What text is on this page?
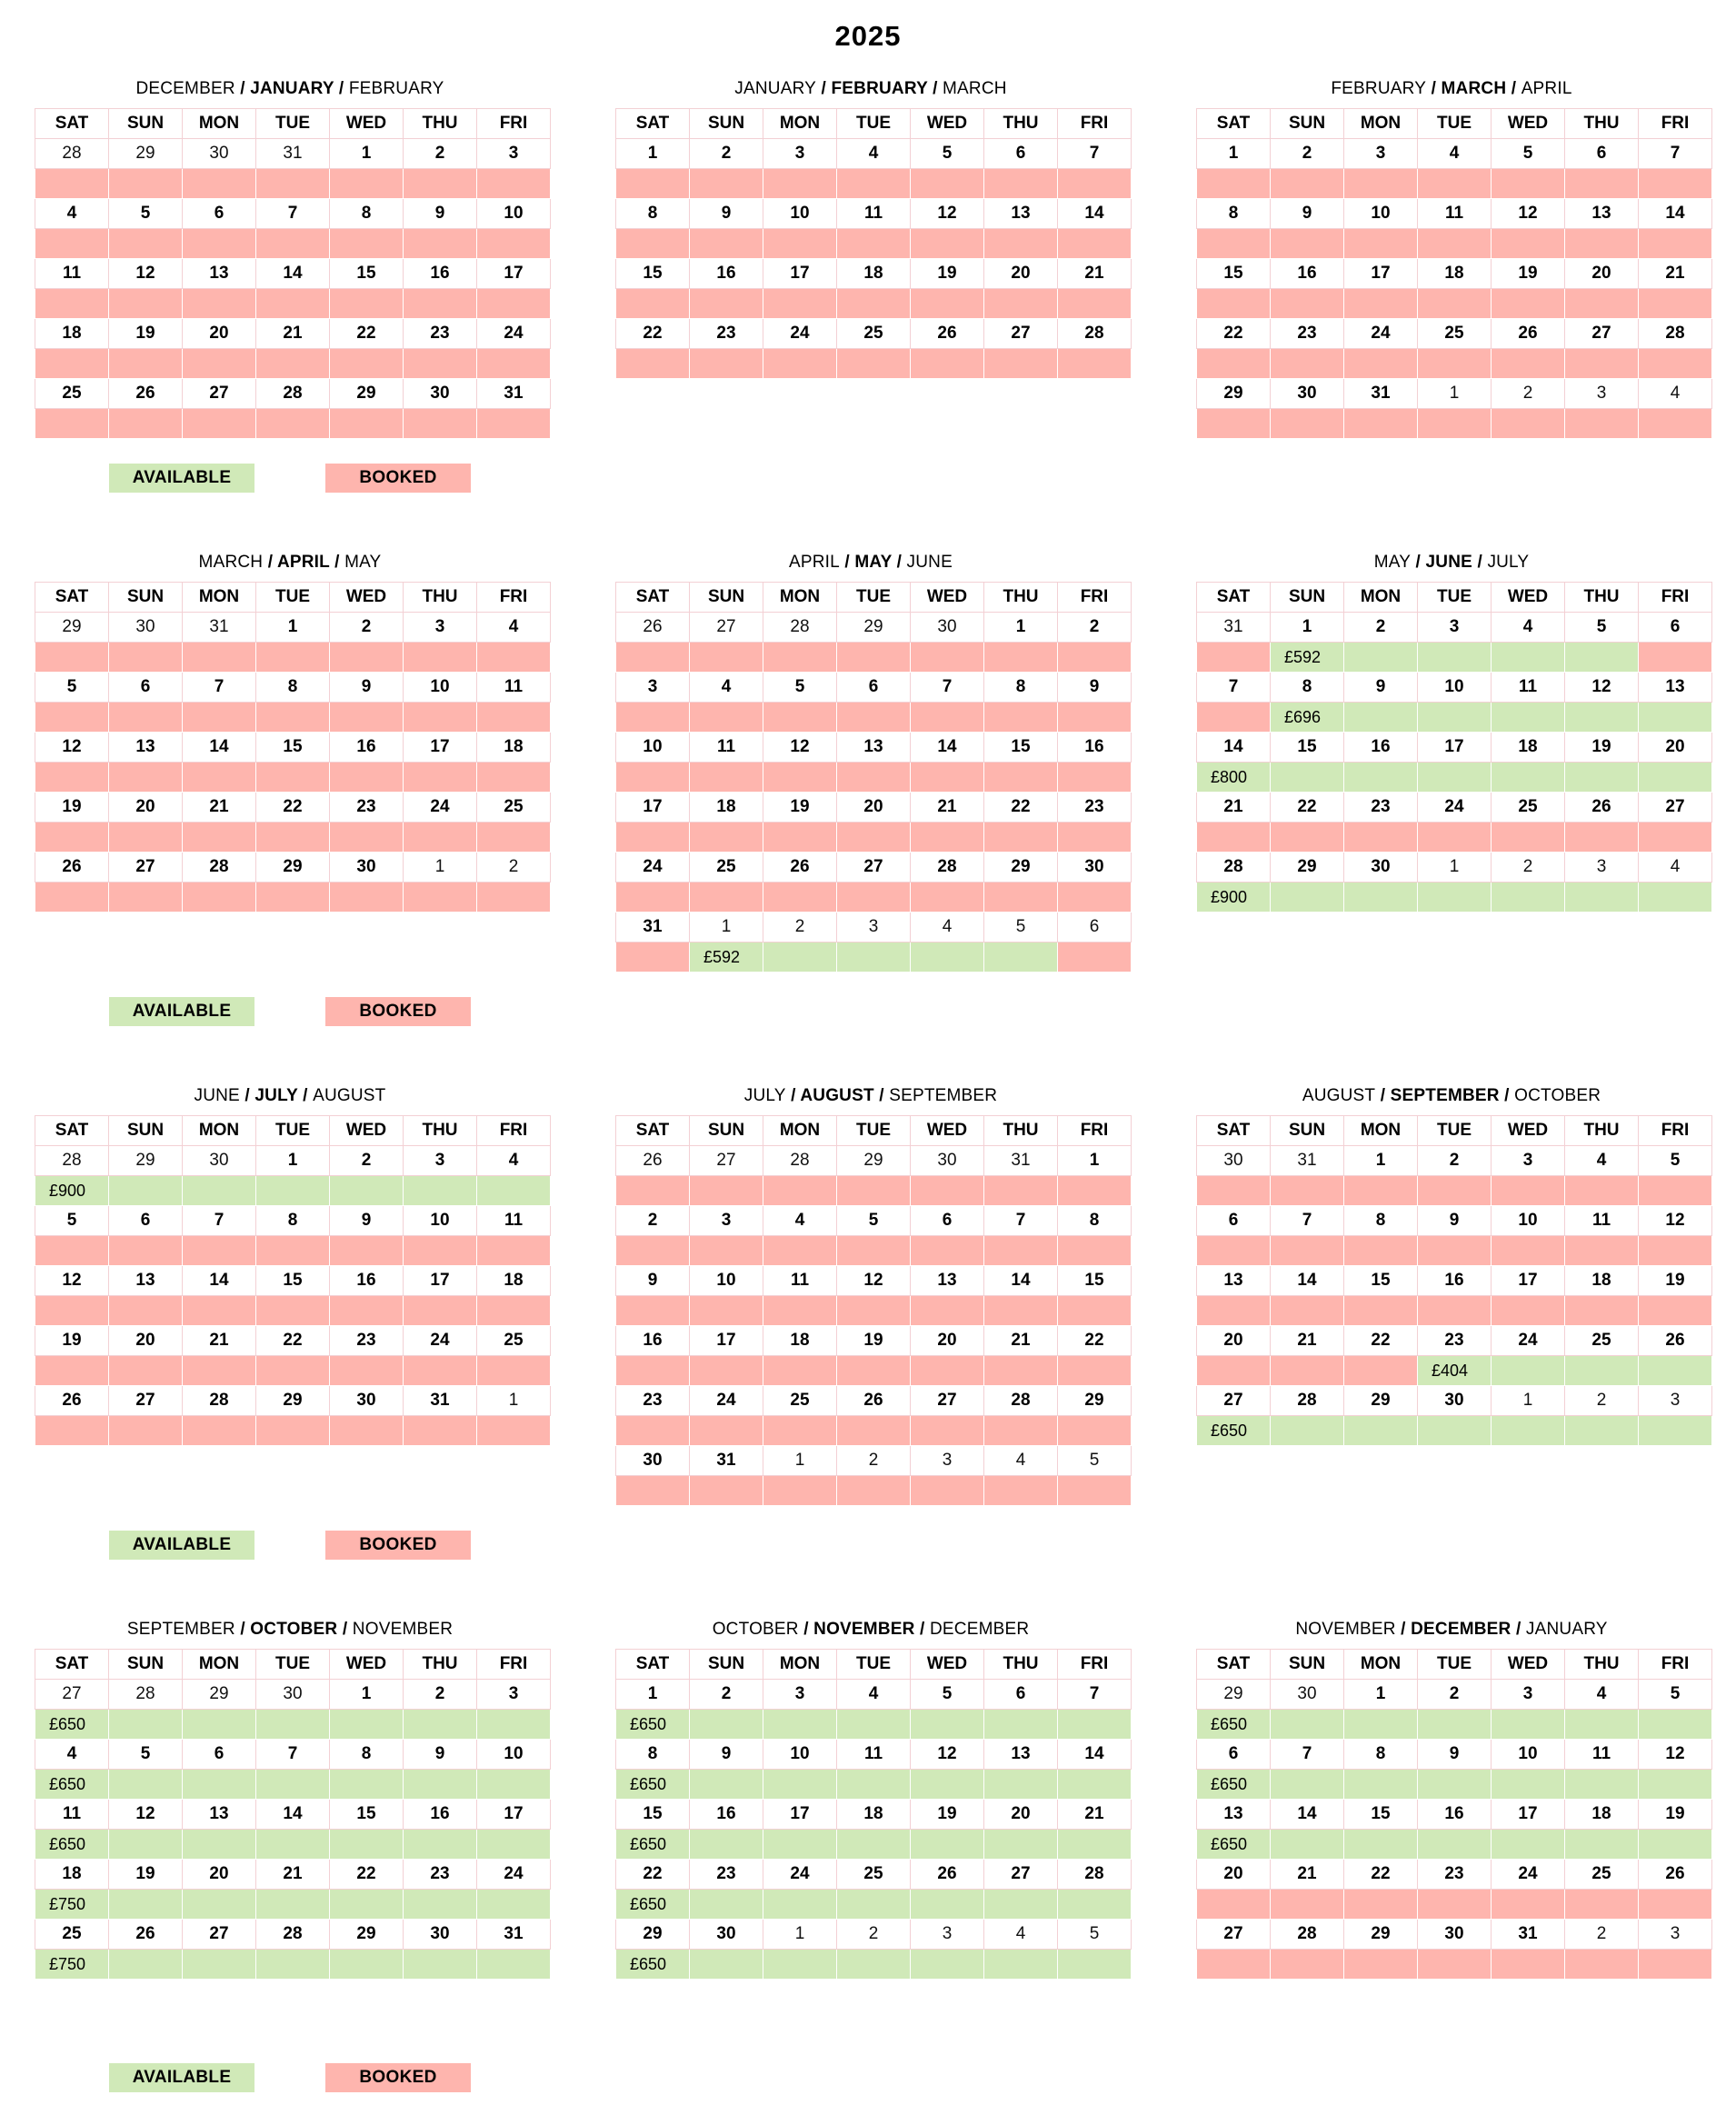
2025
DECEMBER / JANUARY / FEBRUARY
SAT	SUN	MON	TUE	WED	THU	FRI
28	29	30	31	1	2	3

4	5	6	7	8	9	10

11	12	13	14	15	16	17

18	19	20	21	22	23	24

25	26	27	28	29	30	31

JANUARY / FEBRUARY / MARCH
SAT	SUN	MON	TUE	WED	THU	FRI
1	2	3	4	5	6	7

8	9	10	11	12	13	14

15	16	17	18	19	20	21

22	23	24	25	26	27	28

FEBRUARY / MARCH / APRIL
SAT	SUN	MON	TUE	WED	THU	FRI
1	2	3	4	5	6	7

8	9	10	11	12	13	14

15	16	17	18	19	20	21

22	23	24	25	26	27	28

29	30	31	1	2	3	4

MARCH / APRIL / MAY
SAT	SUN	MON	TUE	WED	THU	FRI
29	30	31	1	2	3	4

5	6	7	8	9	10	11

12	13	14	15	16	17	18

19	20	21	22	23	24	25

26	27	28	29	30	1	2

APRIL / MAY / JUNE
SAT	SUN	MON	TUE	WED	THU	FRI
26	27	28	29	30	1	2

3	4	5	6	7	8	9

10	11	12	13	14	15	16

17	18	19	20	21	22	23

24	25	26	27	28	29	30

31	1	2	3	4	5	6
	£592					
MAY / JUNE / JULY
SAT	SUN	MON	TUE	WED	THU	FRI
31	1	2	3	4	5	6
	£592					
7	8	9	10	11	12	13
	£696					
14	15	16	17	18	19	20
£800						
21	22	23	24	25	26	27

28	29	30	1	2	3	4
£900						
JUNE / JULY / AUGUST
SAT	SUN	MON	TUE	WED	THU	FRI
28	29	30	1	2	3	4
£900						
5	6	7	8	9	10	11

12	13	14	15	16	17	18

19	20	21	22	23	24	25

26	27	28	29	30	31	1

JULY / AUGUST / SEPTEMBER
SAT	SUN	MON	TUE	WED	THU	FRI
26	27	28	29	30	31	1

2	3	4	5	6	7	8

9	10	11	12	13	14	15

16	17	18	19	20	21	22

23	24	25	26	27	28	29

30	31	1	2	3	4	5

AUGUST / SEPTEMBER / OCTOBER
SAT	SUN	MON	TUE	WED	THU	FRI
30	31	1	2	3	4	5

6	7	8	9	10	11	12

13	14	15	16	17	18	19

20	21	22	23	24	25	26
			£404			
27	28	29	30	1	2	3
£650						
SEPTEMBER / OCTOBER / NOVEMBER
SAT	SUN	MON	TUE	WED	THU	FRI
27	28	29	30	1	2	3
£650						
4	5	6	7	8	9	10
£650						
11	12	13	14	15	16	17
£650						
18	19	20	21	22	23	24
£750						
25	26	27	28	29	30	31
£750						
OCTOBER / NOVEMBER / DECEMBER
SAT	SUN	MON	TUE	WED	THU	FRI
1	2	3	4	5	6	7
£650						
8	9	10	11	12	13	14
£650						
15	16	17	18	19	20	21
£650						
22	23	24	25	26	27	28
£650						
29	30	1	2	3	4	5
£650						
NOVEMBER / DECEMBER / JANUARY
SAT	SUN	MON	TUE	WED	THU	FRI
29	30	1	2	3	4	5
£650						
6	7	8	9	10	11	12
£650						
13	14	15	16	17	18	19
£650						
20	21	22	23	24	25	26

27	28	29	30	31	2	3

AVAILABLE	BOOKED
AVAILABLE	BOOKED
AVAILABLE	BOOKED
AVAILABLE	BOOKED
